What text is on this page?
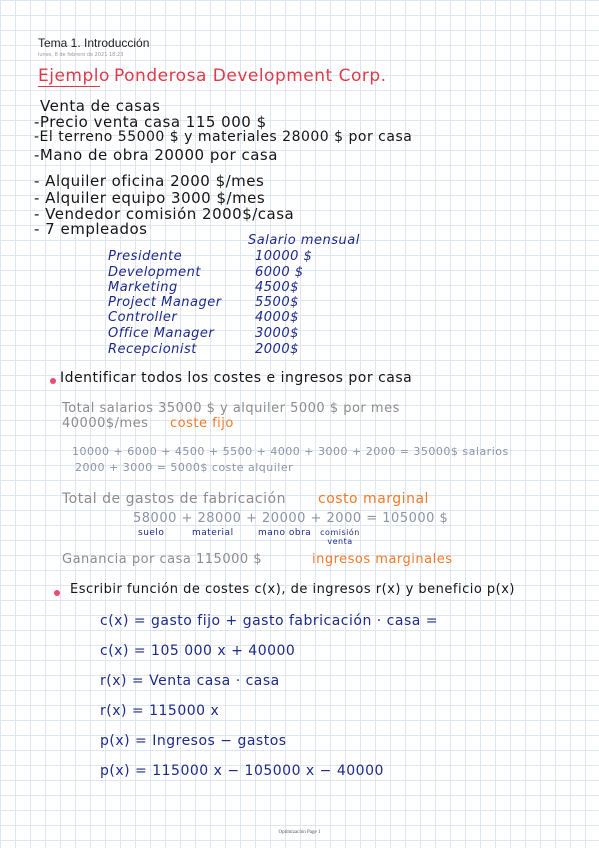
Tema 1. Introducción
lunes, 8 de febrero de 2021 18:23
Ejemplo Ponderosa Development Corp.
Venta de casas
-Precio venta casa 115 000 $
-El terreno 55000 $ y materiales 28000 $ por casa
-Mano de obra 20000 por casa
- Alquiler oficina 2000 $/mes
- Alquiler equipo 3000 $/mes
- Vendedor comisión 2000$/casa
- 7 empleados
Salario mensual
Presidente	10000 $
Development	6000 $
Marketing	4500$
Project Manager	5500$
Controller	4000$
Office Manager	3000$
Recepcionist	2000$
Identificar todos los costes e ingresos por casa
Total salarios 35000 $ y alquiler 5000 $ por mes
40000$/mes coste fijo
10000 + 6000 + 4500 + 5500 + 4000 + 3000 + 2000 = 35000$ salarios
2000 + 3000 = 5000$ coste alquiler
Total de gastos de fabricación costo marginal
58000 + 28000 + 20000 + 2000 = 105000 $
suelo	material	mano obra comisión venta
Ganancia por casa 115000 $	ingresos marginales
Escribir función de costes c(x), de ingresos r(x) y beneficio p(x)
c(x) = gasto fijo + gasto fabricación · casa =
c(x) = 105 000 x + 40000
r(x) = Venta casa · casa
r(x) = 115000 x
p(x) = Ingresos − gastos
p(x) = 115000 x − 105000 x − 40000
Optimización Page 1
